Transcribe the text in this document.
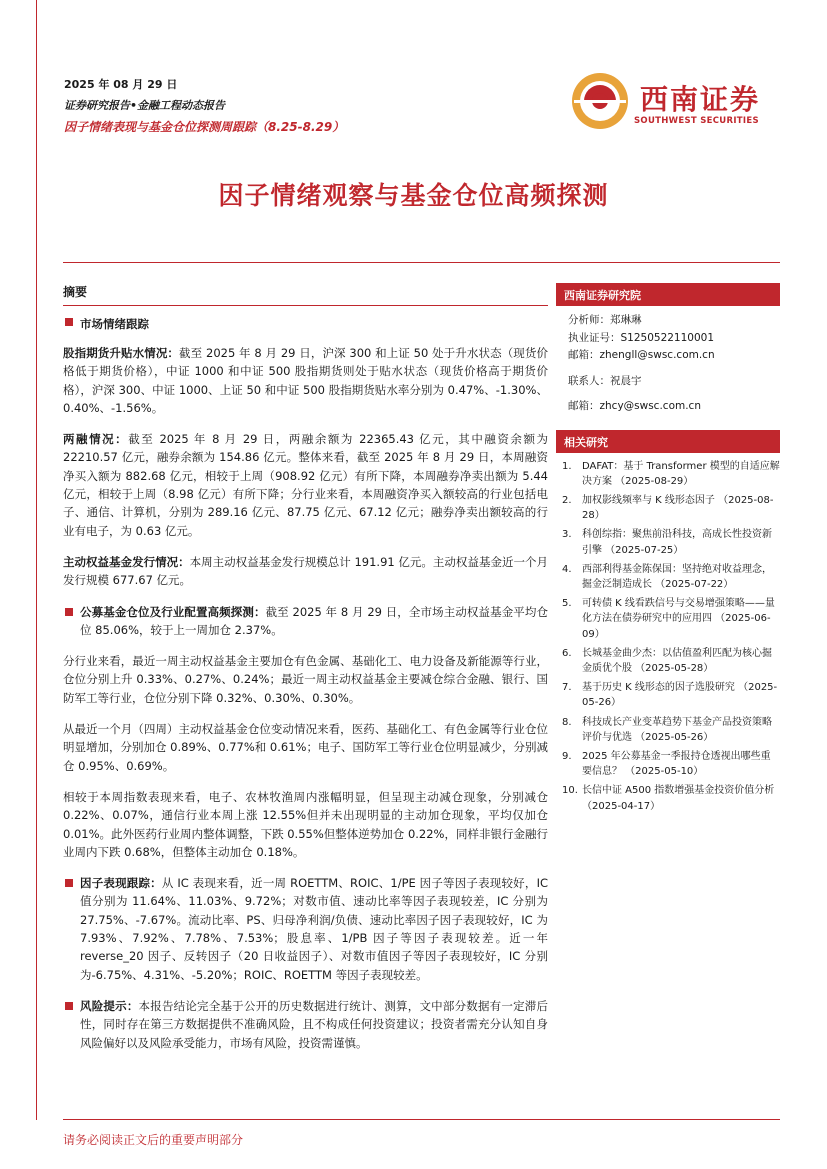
2025 年 08 月 29 日
证券研究报告•金融工程动态报告
因子情绪表现与基金仓位探测周跟踪（8.25-8.29）
西南证券
SOUTHWEST SECURITIES
因子情绪观察与基金仓位高频探测
摘要
市场情绪跟踪

股指期货升贴水情况：截至 2025 年 8 月 29 日，沪深 300 和上证 50 处于升水状态（现货价格低于期货价格），中证 1000 和中证 500 股指期货则处于贴水状态（现货价格高于期货价格），沪深 300、中证 1000、上证 50 和中证 500 股指期货贴水率分别为 0.47%、-1.30%、0.40%、-1.56%。

两融情况：截至 2025 年 8 月 29 日，两融余额为 22365.43 亿元，其中融资余额为 22210.57 亿元，融券余额为 154.86 亿元。整体来看，截至 2025 年 8 月 29 日，本周融资净买入额为 882.68 亿元，相较于上周（908.92 亿元）有所下降，本周融券净卖出额为 5.44 亿元，相较于上周（8.98 亿元）有所下降；分行业来看，本周融资净买入额较高的行业包括电子、通信、计算机，分别为 289.16 亿元、87.75 亿元、67.12 亿元；融券净卖出额较高的行业有电子，为 0.63 亿元。

主动权益基金发行情况：本周主动权益基金发行规模总计 191.91 亿元。主动权益基金近一个月发行规模 677.67 亿元。

公募基金仓位及行业配置高频探测：截至 2025 年 8 月 29 日，全市场主动权益基金平均仓位 85.06%，较于上一周加仓 2.37%。

分行业来看，最近一周主动权益基金主要加仓有色金属、基础化工、电力设备及新能源等行业，仓位分别上升 0.33%、0.27%、0.24%；最近一周主动权益基金主要减仓综合金融、银行、国防军工等行业，仓位分别下降 0.32%、0.30%、0.30%。

从最近一个月（四周）主动权益基金仓位变动情况来看，医药、基础化工、有色金属等行业仓位明显增加，分别加仓 0.89%、0.77%和 0.61%；电子、国防军工等行业仓位明显减少，分别减仓 0.95%、0.69%。

相较于本周指数表现来看，电子、农林牧渔周内涨幅明显，但呈现主动减仓现象，分别减仓 0.22%、0.07%，通信行业本周上涨 12.55%但并未出现明显的主动加仓现象，平均仅加仓 0.01%。此外医药行业周内整体调整，下跌 0.55%但整体逆势加仓 0.22%，同样非银行金融行业周内下跌 0.68%，但整体主动加仓 0.18%。

因子表现跟踪：从 IC 表现来看，近一周 ROETTM、ROIC、1/PE 因子等因子表现较好，IC 值分别为 11.64%、11.03%、9.72%；对数市值、速动比率等因子表现较差，IC 分别为 27.75%、-7.67%。流动比率、PS、归母净利润/负债、速动比率因子因子表现较好，IC 为 7.93%、7.92%、7.78%、7.53%；股息率、1/PB 因子等因子表现较差。近一年 reverse_20 因子、反转因子（20 日收益因子）、对数市值因子等因子表现较好，IC 分别为-6.75%、4.31%、-5.20%；ROIC、ROETTM 等因子表现较差。

风险提示：本报告结论完全基于公开的历史数据进行统计、测算，文中部分数据有一定滞后性，同时存在第三方数据提供不准确风险，且不构成任何投资建议；投资者需充分认知自身风险偏好以及风险承受能力，市场有风险，投资需谨慎。

西南证券研究院
分析师：郑琳琳
执业证号：S1250522110001
邮箱：zhengll@swsc.com.cn
联系人：祝晨宇
邮箱：zhcy@swsc.com.cn
相关研究
1. DAFAT：基于 Transformer 模型的自适应解决方案 （2025-08-29）
2. 加权影线频率与 K 线形态因子 （2025-08-28）
3. 科创综指：聚焦前沿科技，高成长性投资新引擎 （2025-07-25）
4. 西部利得基金陈保国：坚持绝对收益理念，掘金泛制造成长 （2025-07-22）
5. 可转债 K 线看跌信号与交易增强策略——量化方法在债券研究中的应用四 （2025-06-09）
6. 长城基金曲少杰：以估值盈利匹配为核心掘金质优个股 （2025-05-28）
7. 基于历史 K 线形态的因子选股研究 （2025-05-26）
8. 科技成长产业变革趋势下基金产品投资策略评价与优选 （2025-05-26）
9. 2025 年公募基金一季报持仓透视出哪些重要信息？ （2025-05-10）
10. 长信中证 A500 指数增强基金投资价值分析 （2025-04-17）
请务必阅读正文后的重要声明部分
